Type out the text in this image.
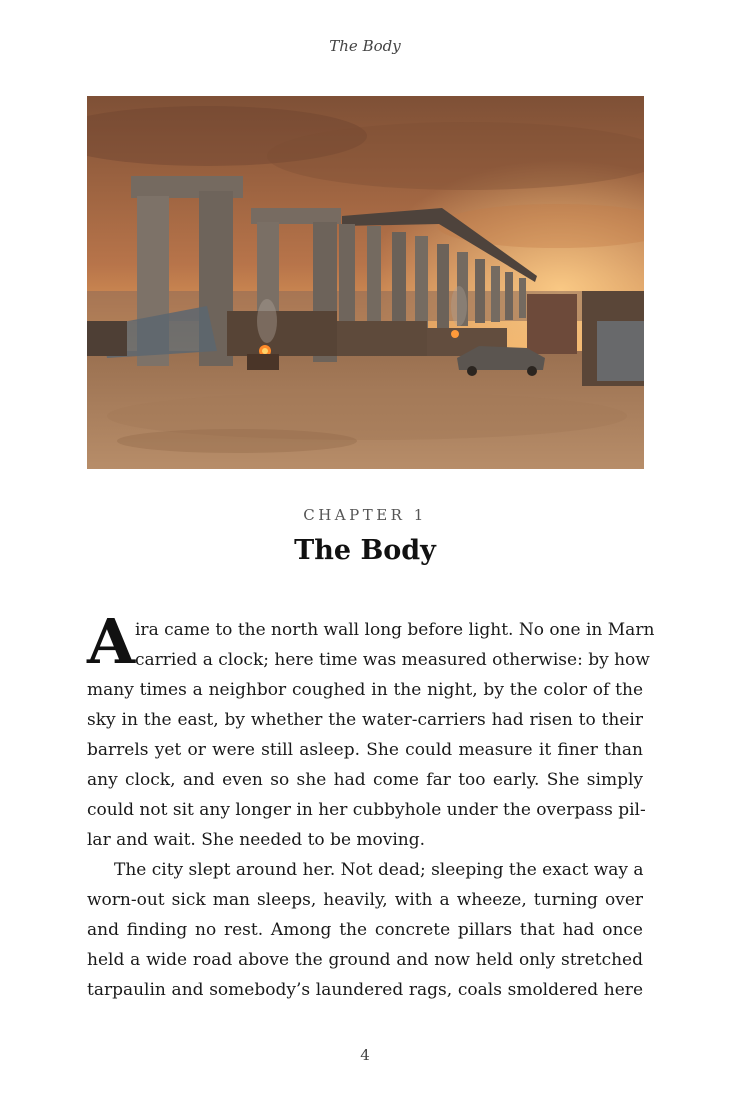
The Body
CHAPTER 1
The Body

A ira came to the north wall long before light. No one in Marn
carried a clock; here time was measured otherwise: by how
many times a neighbor coughed in the night, by the color of the
sky in the east, by whether the water-carriers had risen to their
barrels yet or were still asleep. She could measure it finer than
any clock, and even so she had come far too early. She simply
could not sit any longer in her cubbyhole under the overpass pil-
lar and wait. She needed to be moving.

The city slept around her. Not dead; sleeping the exact way a
worn-out sick man sleeps, heavily, with a wheeze, turning over
and finding no rest. Among the concrete pillars that had once
held a wide road above the ground and now held only stretched
tarpaulin and somebody’s laundered rags, coals smoldered here

4
